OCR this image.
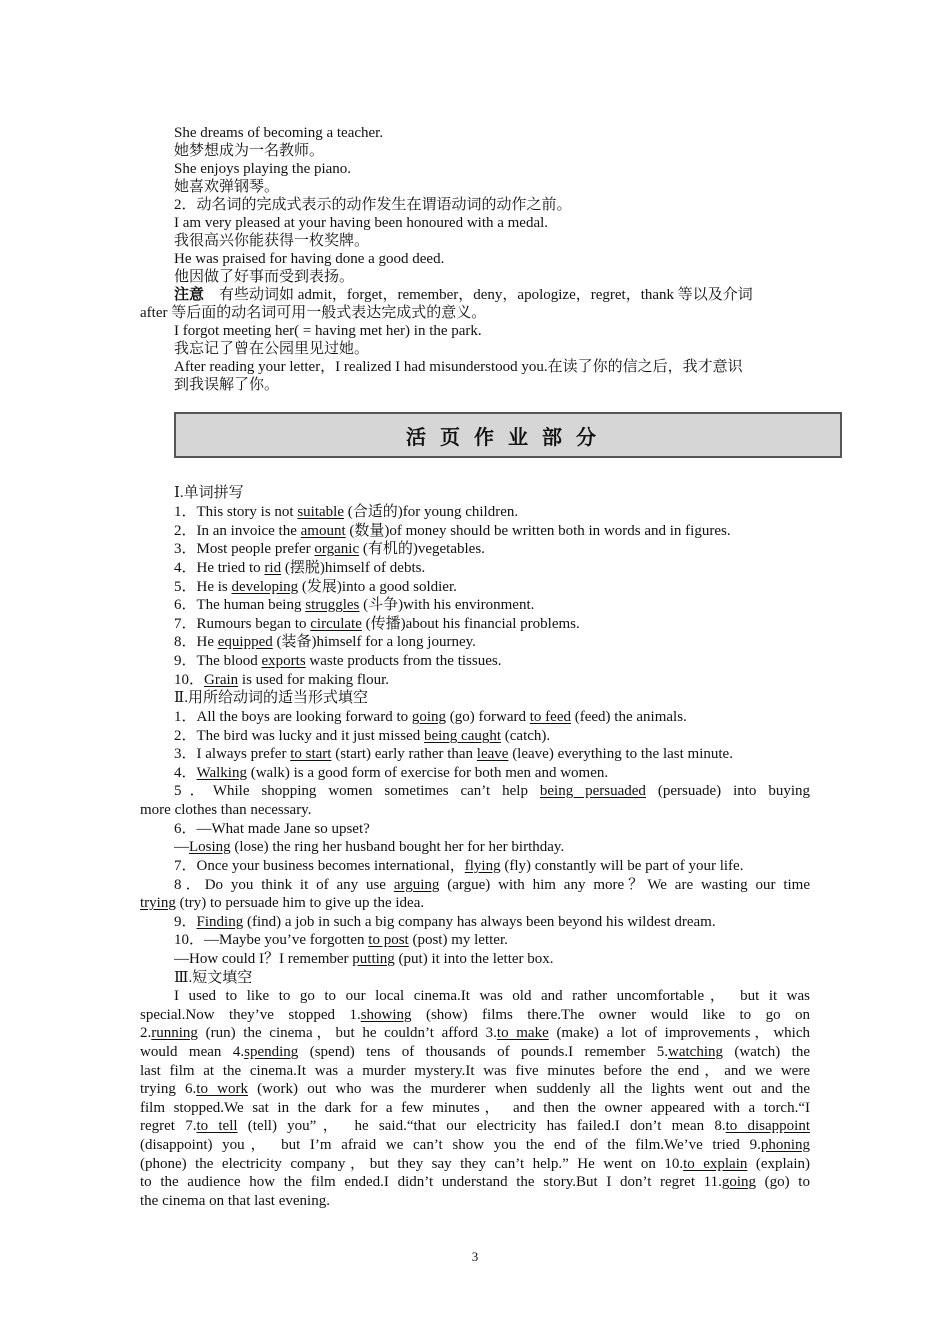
She dreams of becoming a teacher.
她梦想成为一名教师。
She enjoys playing the piano.
她喜欢弹钢琴。
2．动名词的完成式表示的动作发生在谓语动词的动作之前。
I am very pleased at your having been honoured with a medal.
我很高兴你能获得一枚奖牌。
He was praised for having done a good deed.
他因做了好事而受到表扬。
注意　有些动词如 admit，forget，remember，deny，apologize，regret，thank 等以及介词
after 等后面的动名词可用一般式表达完成式的意义。
I forgot meeting her( = having met her) in the park.
我忘记了曾在公园里见过她。
After reading your letter，I realized I had misunderstood you.在读了你的信之后，我才意识
到我误解了你。
活页作业部分
Ⅰ.单词拼写
1．This story is not suitable (合适的)for young children.
2．In an invoice the amount (数量)of money should be written both in words and in figures.
3．Most people prefer organic (有机的)vegetables.
4．He tried to rid (摆脱)himself of debts.
5．He is developing (发展)into a good soldier.
6．The human being struggles (斗争)with his environment.
7．Rumours began to circulate (传播)about his financial problems.
8．He equipped (装备)himself for a long journey.
9．The blood exports waste products from the tissues.
10．Grain is used for making flour.
Ⅱ.用所给动词的适当形式填空
1．All the boys are looking forward to going (go) forward to feed (feed) the animals.
2．The bird was lucky and it just missed being caught (catch).
3．I always prefer to start (start) early rather than leave (leave) everything to the last minute.
4．Walking (walk) is a good form of exercise for both men and women.
5．While shopping women sometimes can’t help being persuaded (persuade) into buying
more clothes than necessary.
6．—What made Jane so upset?
—Losing (lose) the ring her husband bought her for her birthday.
7．Once your business becomes international，flying (fly) constantly will be part of your life.
8．Do you think it of any use arguing (argue) with him any more？We are wasting our time
trying (try) to persuade him to give up the idea.
9．Finding (find) a job in such a big company has always been beyond his wildest dream.
10．—Maybe you’ve forgotten to post (post) my letter.
—How could I？I remember putting (put) it into the letter box.
Ⅲ.短文填空
I used to like to go to our local cinema.It was old and rather uncomfortable， but it was
special.Now they’ve stopped 1.showing (show) films there.The owner would like to go on
2.running (run) the cinema，but he couldn’t afford 3.to make (make) a lot of improvements，which
would mean 4.spending (spend) tens of thousands of pounds.I remember 5.watching (watch) the
last film at the cinema.It was a murder mystery.It was five minutes before the end，and we were
trying 6.to work (work) out who was the murderer when suddenly all the lights went out and the
film stopped.We sat in the dark for a few minutes， and then the owner appeared with a torch.“I
regret 7.to tell (tell) you”， he said.“that our electricity has failed.I don’t mean 8.to disappoint
(disappoint) you， but I’m afraid we can’t show you the end of the film.We’ve tried 9.phoning
(phone) the electricity company，but they say they can’t help.” He went on 10.to explain (explain)
to the audience how the film ended.I didn’t understand the story.But I don’t regret 11.going (go) to
the cinema on that last evening.
3
